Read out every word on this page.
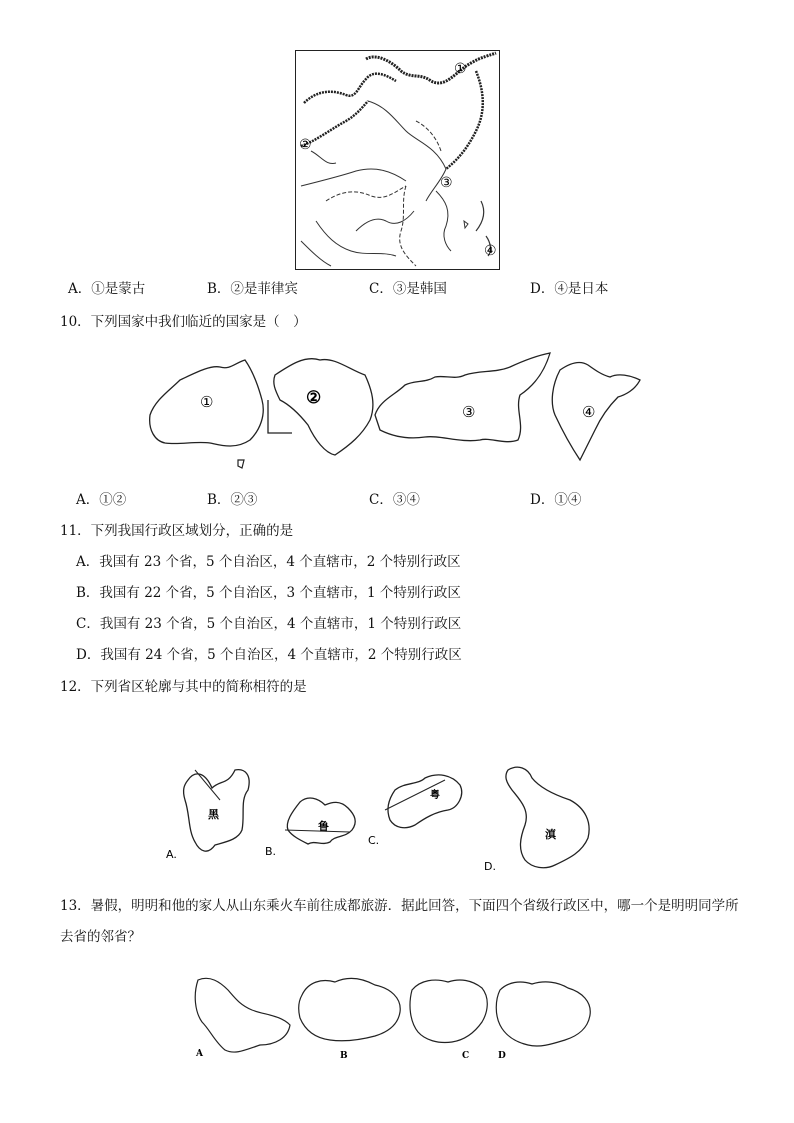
①
②
③
④
A．①是蒙古	B．②是菲律宾	C．③是韩国	D．④是日本
10．下列国家中我们临近的国家是（　）
①	②
③	④
A．①②	B．②③	C．③④	D．①④
11．下列我国行政区域划分，正确的是
A．我国有 23 个省，5 个自治区，4 个直辖市，2 个特别行政区
B．我国有 22 个省，5 个自治区，3 个直辖市，1 个特别行政区
C．我国有 23 个省，5 个自治区，4 个直辖市，1 个特别行政区
D．我国有 24 个省，5 个自治区，4 个直辖市，2 个特别行政区
12．下列省区轮廓与其中的简称相符的是
黑
A.
鲁
B.
粤
C.	滇
D.
13．暑假，明明和他的家人从山东乘火车前往成都旅游．据此回答，下面四个省级行政区中，哪一个是明明同学所
去省的邻省？
A	B	C	D
